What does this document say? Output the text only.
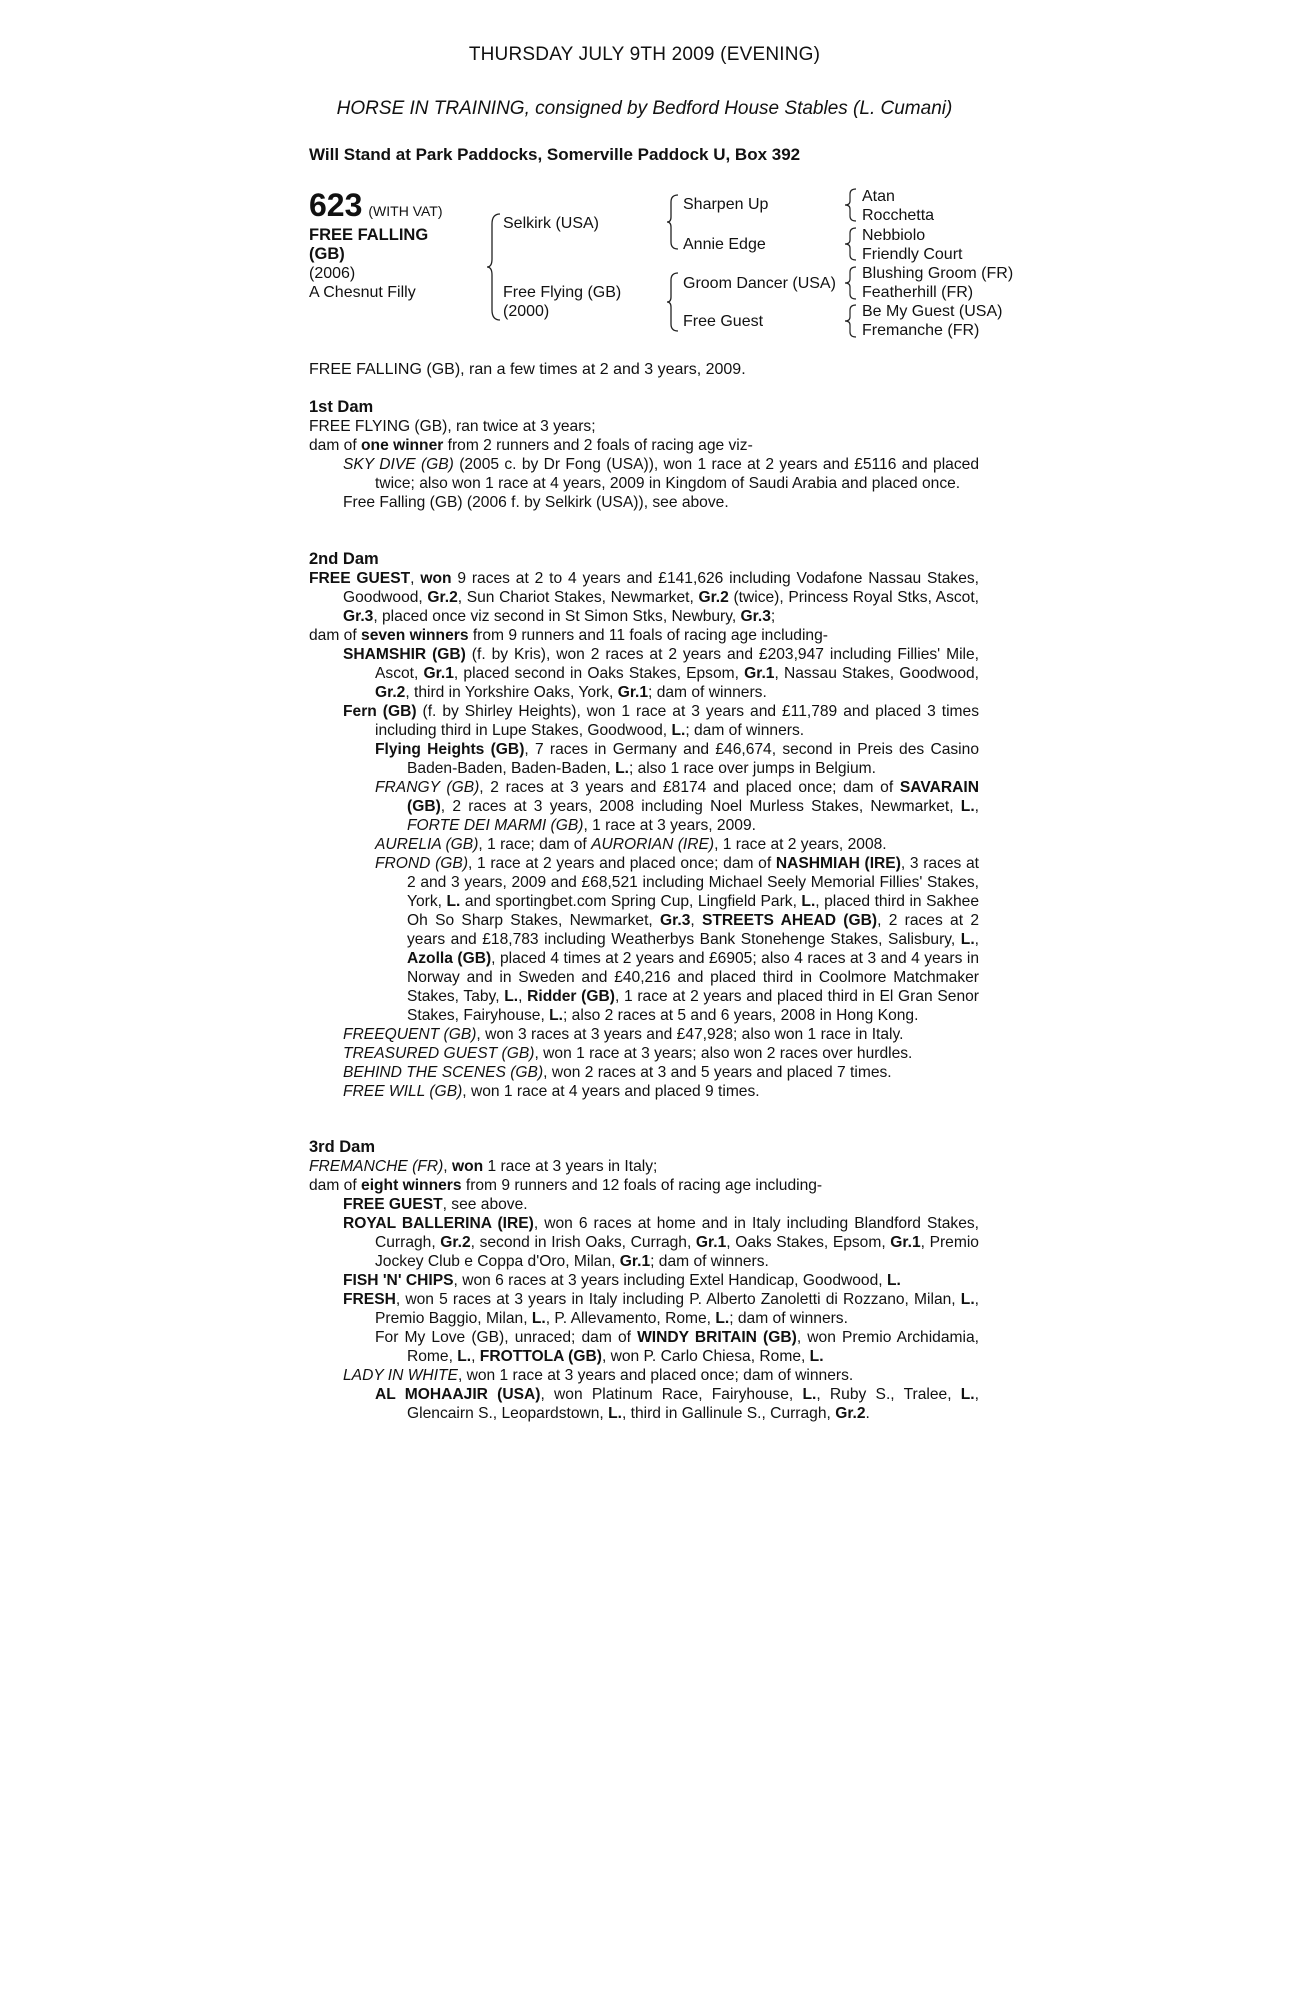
THURSDAY JULY 9TH 2009 (EVENING)
HORSE IN TRAINING, consigned by Bedford House Stables (L. Cumani)
Will Stand at Park Paddocks, Somerville Paddock U, Box 392
623 (WITH VAT)
FREE FALLING
(GB)
(2006)
A Chesnut Filly
Selkirk (USA)
Free Flying (GB)
(2000)
Sharpen Up
Annie Edge
Groom Dancer (USA)
Free Guest
Atan
Rocchetta
Nebbiolo
Friendly Court
Blushing Groom (FR)
Featherhill (FR)
Be My Guest (USA)
Fremanche (FR)
FREE FALLING (GB), ran a few times at 2 and 3 years, 2009.

1st Dam

FREE FLYING (GB), ran twice at 3 years;

dam of one winner from 2 runners and 2 foals of racing age viz-

SKY DIVE (GB) (2005 c. by Dr Fong (USA)), won 1 race at 2 years and £5116 and placed twice; also won 1 race at 4 years, 2009 in Kingdom of Saudi Arabia and placed once.

Free Falling (GB) (2006 f. by Selkirk (USA)), see above.

2nd Dam

FREE GUEST, won 9 races at 2 to 4 years and £141,626 including Vodafone Nassau Stakes, Goodwood, Gr.2, Sun Chariot Stakes, Newmarket, Gr.2 (twice), Princess Royal Stks, Ascot, Gr.3, placed once viz second in St Simon Stks, Newbury, Gr.3;

dam of seven winners from 9 runners and 11 foals of racing age including-

SHAMSHIR (GB) (f. by Kris), won 2 races at 2 years and £203,947 including Fillies' Mile, Ascot, Gr.1, placed second in Oaks Stakes, Epsom, Gr.1, Nassau Stakes, Goodwood, Gr.2, third in Yorkshire Oaks, York, Gr.1; dam of winners.

Fern (GB) (f. by Shirley Heights), won 1 race at 3 years and £11,789 and placed 3 times including third in Lupe Stakes, Goodwood, L.; dam of winners.

Flying Heights (GB), 7 races in Germany and £46,674, second in Preis des Casino Baden-Baden, Baden-Baden, L.; also 1 race over jumps in Belgium.

FRANGY (GB), 2 races at 3 years and £8174 and placed once; dam of SAVARAIN (GB), 2 races at 3 years, 2008 including Noel Murless Stakes, Newmarket, L., FORTE DEI MARMI (GB), 1 race at 3 years, 2009.

AURELIA (GB), 1 race; dam of AURORIAN (IRE), 1 race at 2 years, 2008.

FROND (GB), 1 race at 2 years and placed once; dam of NASHMIAH (IRE), 3 races at 2 and 3 years, 2009 and £68,521 including Michael Seely Memorial Fillies' Stakes, York, L. and sportingbet.com Spring Cup, Lingfield Park, L., placed third in Sakhee Oh So Sharp Stakes, Newmarket, Gr.3, STREETS AHEAD (GB), 2 races at 2 years and £18,783 including Weatherbys Bank Stonehenge Stakes, Salisbury, L., Azolla (GB), placed 4 times at 2 years and £6905; also 4 races at 3 and 4 years in Norway and in Sweden and £40,216 and placed third in Coolmore Matchmaker Stakes, Taby, L., Ridder (GB), 1 race at 2 years and placed third in El Gran Senor Stakes, Fairyhouse, L.; also 2 races at 5 and 6 years, 2008 in Hong Kong.

FREEQUENT (GB), won 3 races at 3 years and £47,928; also won 1 race in Italy.

TREASURED GUEST (GB), won 1 race at 3 years; also won 2 races over hurdles.

BEHIND THE SCENES (GB), won 2 races at 3 and 5 years and placed 7 times.

FREE WILL (GB), won 1 race at 4 years and placed 9 times.

3rd Dam

FREMANCHE (FR), won 1 race at 3 years in Italy;

dam of eight winners from 9 runners and 12 foals of racing age including-

FREE GUEST, see above.

ROYAL BALLERINA (IRE), won 6 races at home and in Italy including Blandford Stakes, Curragh, Gr.2, second in Irish Oaks, Curragh, Gr.1, Oaks Stakes, Epsom, Gr.1, Premio Jockey Club e Coppa d'Oro, Milan, Gr.1; dam of winners.

FISH 'N' CHIPS, won 6 races at 3 years including Extel Handicap, Goodwood, L.

FRESH, won 5 races at 3 years in Italy including P. Alberto Zanoletti di Rozzano, Milan, L., Premio Baggio, Milan, L., P. Allevamento, Rome, L.; dam of winners.

For My Love (GB), unraced; dam of WINDY BRITAIN (GB), won Premio Archidamia, Rome, L., FROTTOLA (GB), won P. Carlo Chiesa, Rome, L.

LADY IN WHITE, won 1 race at 3 years and placed once; dam of winners.

AL MOHAAJIR (USA), won Platinum Race, Fairyhouse, L., Ruby S., Tralee, L., Glencairn S., Leopardstown, L., third in Gallinule S., Curragh, Gr.2.
